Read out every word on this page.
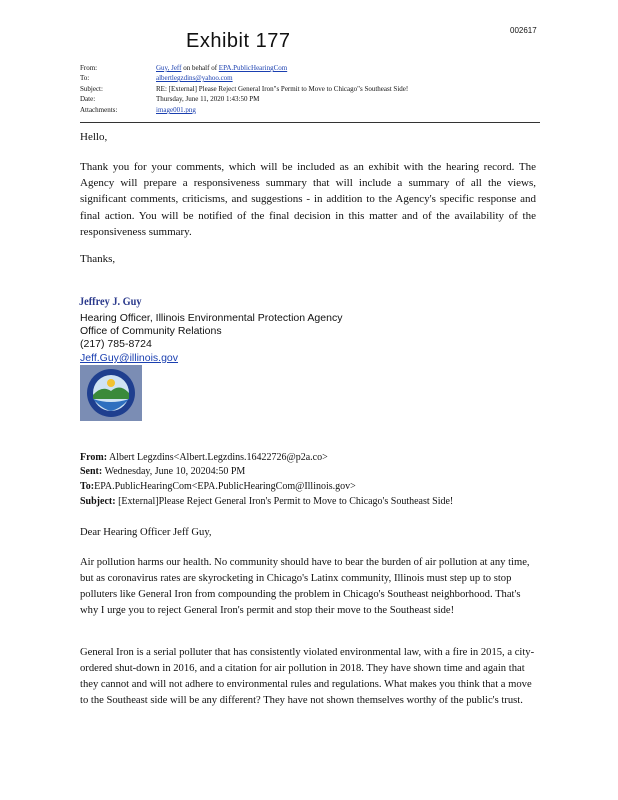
002617
Exhibit 177
From:	Guy, Jeff on behalf of EPA.PublicHearingCom
To:	albertlegzdins@yahoo.com
Subject:	RE: [External] Please Reject General Iron"s Permit to Move to Chicago"s Southeast Side!
Date:	Thursday, June 11, 2020 1:43:50 PM
Attachments:	image001.png
Hello,
Thank you for your comments, which will be included as an exhibit with the hearing record. The Agency will prepare a responsiveness summary that will include a summary of all the views, significant comments, criticisms, and suggestions - in addition to the Agency's specific response and final action. You will be notified of the final decision in this matter and of the availability of the responsiveness summary.
Thanks,
Jeffrey J. Guy
Hearing Officer, Illinois Environmental Protection Agency
Office of Community Relations
(217) 785-8724
Jeff.Guy@illinois.gov
From: Albert Legzdins<Albert.Legzdins.16422726@p2a.co>
Sent: Wednesday, June 10, 20204:50 PM
To:EPA.PublicHearingCom<EPA.PublicHearingCom@Illinois.gov>
Subject: [External]Please Reject General Iron's Permit to Move to Chicago's Southeast Side!
Dear Hearing Officer Jeff Guy,
Air pollution harms our health. No community should have to bear the burden of air pollution at any time, but as coronavirus rates are skyrocketing in Chicago's Latinx community, Illinois must step up to stop polluters like General Iron from compounding the problem in Chicago's Southeast neighborhood. That's why I urge you to reject General Iron's permit and stop their move to the Southeast side!
General Iron is a serial polluter that has consistently violated environmental law, with a fire in 2015, a city-ordered shut-down in 2016, and a citation for air pollution in 2018. They have shown time and again that they cannot and will not adhere to environmental rules and regulations. What makes you think that a move to the Southeast side will be any different? They have not shown themselves worthy of the public's trust.
